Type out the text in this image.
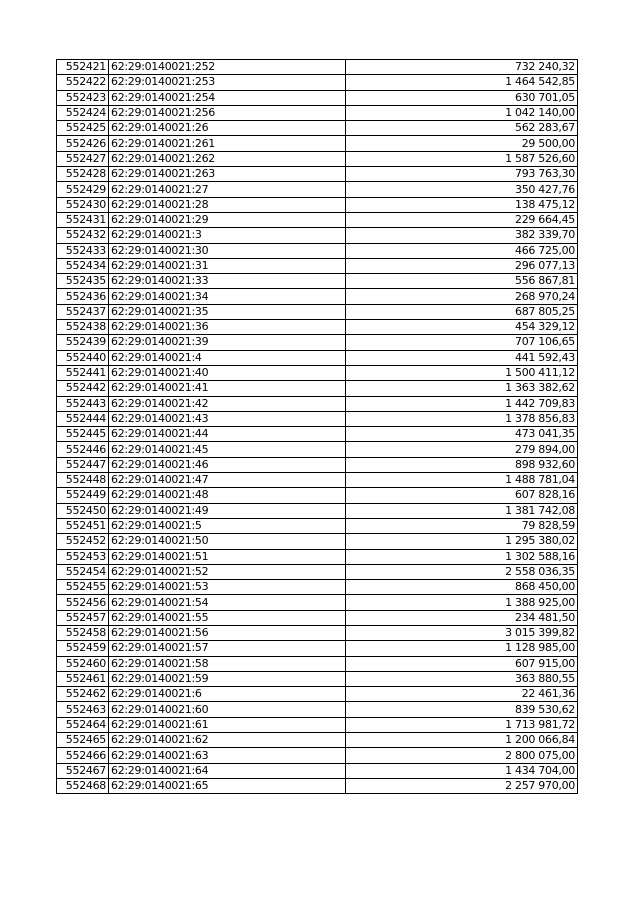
552421	62:29:0140021:252	732 240,32
552422	62:29:0140021:253	1 464 542,85
552423	62:29:0140021:254	630 701,05
552424	62:29:0140021:256	1 042 140,00
552425	62:29:0140021:26	562 283,67
552426	62:29:0140021:261	29 500,00
552427	62:29:0140021:262	1 587 526,60
552428	62:29:0140021:263	793 763,30
552429	62:29:0140021:27	350 427,76
552430	62:29:0140021:28	138 475,12
552431	62:29:0140021:29	229 664,45
552432	62:29:0140021:3	382 339,70
552433	62:29:0140021:30	466 725,00
552434	62:29:0140021:31	296 077,13
552435	62:29:0140021:33	556 867,81
552436	62:29:0140021:34	268 970,24
552437	62:29:0140021:35	687 805,25
552438	62:29:0140021:36	454 329,12
552439	62:29:0140021:39	707 106,65
552440	62:29:0140021:4	441 592,43
552441	62:29:0140021:40	1 500 411,12
552442	62:29:0140021:41	1 363 382,62
552443	62:29:0140021:42	1 442 709,83
552444	62:29:0140021:43	1 378 856,83
552445	62:29:0140021:44	473 041,35
552446	62:29:0140021:45	279 894,00
552447	62:29:0140021:46	898 932,60
552448	62:29:0140021:47	1 488 781,04
552449	62:29:0140021:48	607 828,16
552450	62:29:0140021:49	1 381 742,08
552451	62:29:0140021:5	79 828,59
552452	62:29:0140021:50	1 295 380,02
552453	62:29:0140021:51	1 302 588,16
552454	62:29:0140021:52	2 558 036,35
552455	62:29:0140021:53	868 450,00
552456	62:29:0140021:54	1 388 925,00
552457	62:29:0140021:55	234 481,50
552458	62:29:0140021:56	3 015 399,82
552459	62:29:0140021:57	1 128 985,00
552460	62:29:0140021:58	607 915,00
552461	62:29:0140021:59	363 880,55
552462	62:29:0140021:6	22 461,36
552463	62:29:0140021:60	839 530,62
552464	62:29:0140021:61	1 713 981,72
552465	62:29:0140021:62	1 200 066,84
552466	62:29:0140021:63	2 800 075,00
552467	62:29:0140021:64	1 434 704,00
552468	62:29:0140021:65	2 257 970,00
